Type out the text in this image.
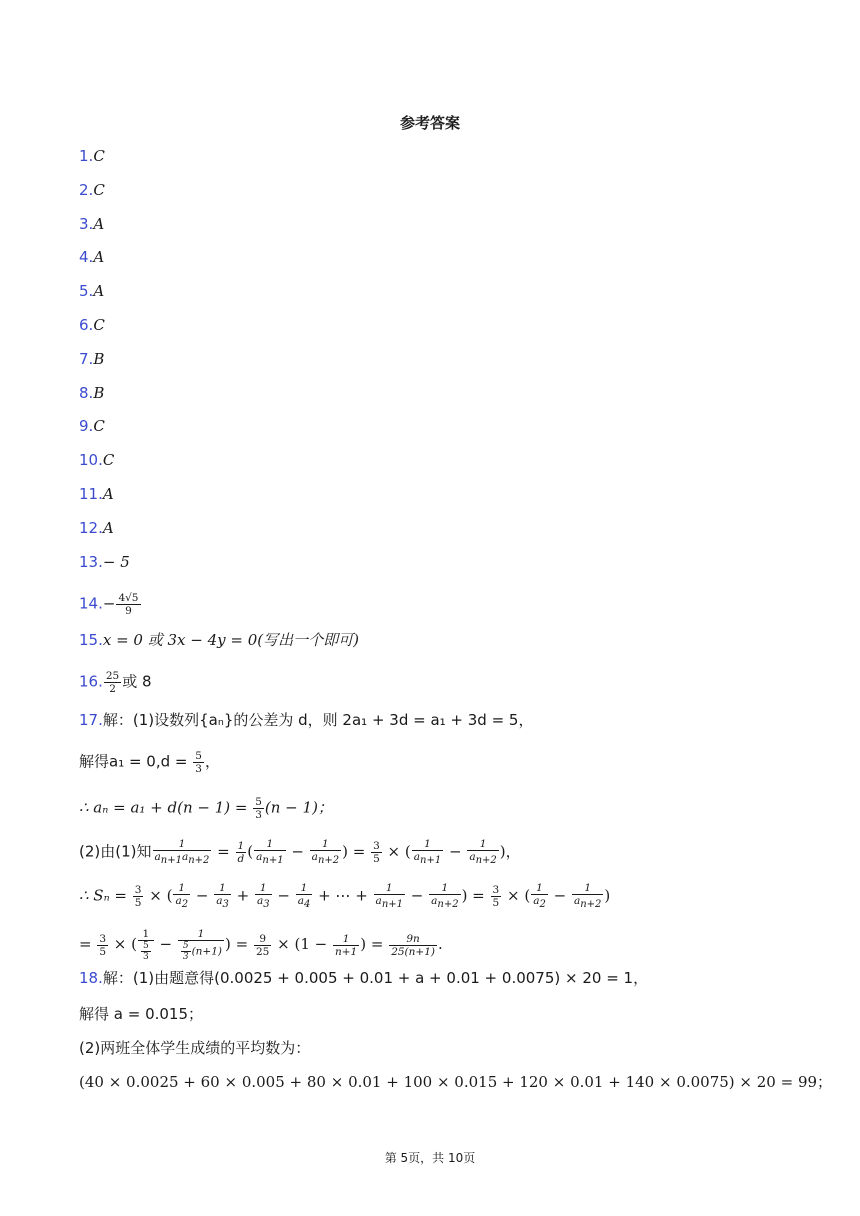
参考答案
1.C
2.C
3.A
4.A
5.A
6.C
7.B
8.B
9.C
10.C
11.A
12.A
13.− 5
$14.- \frac{4√5}{9}$
15.x = 0 或 3x − 4y = 0(写出一个即可)
16. $\frac{25}{2}$ 或 8
17.解：(1)设数列{aₙ}的公差为 d，则 2a₁ + 3d = a₁ + 3d = 5，
解得$a_1 = 0,d = \frac{5}{3}$ ，
∴ $a_n = a_1 + d(n - 1) = \frac{5}{3} (n - 1)$；
(2)由(1)知 $\frac{1}{a_{n+1}a_{n+2}} = \frac{1}{d}$ ( $\frac{1}{a_{n+1}} - \frac{1}{a_{n+2}}$ ) = $\frac{3}{5}$ × ( $\frac{1}{a_{n+1}} - \frac{1}{a_{n+2}}$ )，
∴ $S_n = \frac{3}{5}$ × ( $\frac{1}{a_2} - \frac{1}{a_3} + \frac{1}{a_3} - \frac{1}{a_4}$ + ⋯ + $\frac{1}{a_{n+1}} - \frac{1}{a_{n+2}}$ ) = $\frac{3}{5}$ × ( $\frac{1}{a_2} - \frac{1}{a_{n+2}}$ )
= $\frac{3}{5}$ × ( $\frac{1}{\frac{5}{3}} - \frac{1}{\frac{5}{3} (n+1)}$ ) = $\frac{9}{25} \times (1 - \frac{1}{n+1}$ ) = $\frac{9n}{25(n+1)}$ .
18.解：(1)由题意得(0.0025 + 0.005 + 0.01 + a + 0.01 + 0.0075) × 20 = 1，
解得 a = 0.015；
(2)两班全体学生成绩的平均数为：
(40 × 0.0025 + 60 × 0.005 + 80 × 0.01 + 100 × 0.015 + 120 × 0.01 + 140 × 0.0075) × 20 = 99；
第 5页，共 10页
